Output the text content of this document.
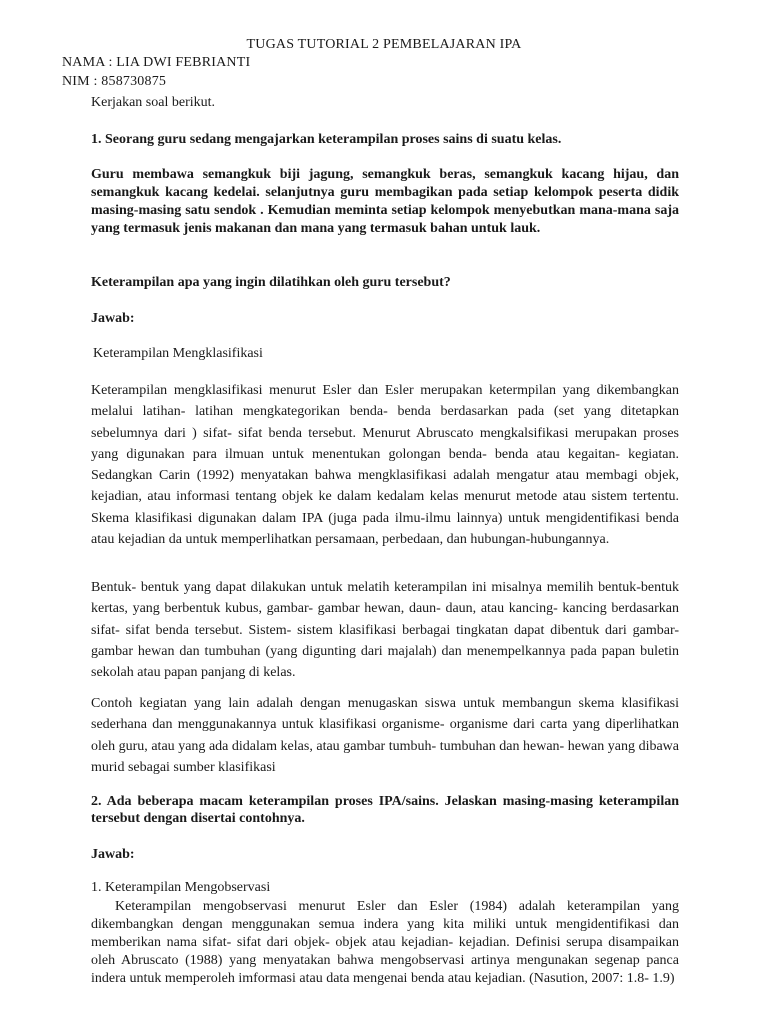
TUGAS TUTORIAL 2 PEMBELAJARAN IPA
NAMA : LIA DWI FEBRIANTI
NIM : 858730875
Kerjakan soal berikut.
1. Seorang guru sedang mengajarkan keterampilan proses sains di suatu kelas.
Guru membawa semangkuk biji jagung, semangkuk beras, semangkuk kacang hijau, dan semangkuk kacang kedelai. selanjutnya guru membagikan pada setiap kelompok peserta didik masing-masing satu sendok . Kemudian meminta setiap kelompok menyebutkan mana-mana saja yang termasuk jenis makanan dan mana yang termasuk bahan untuk lauk.
Keterampilan apa yang ingin dilatihkan oleh guru tersebut?
Jawab:
Keterampilan Mengklasifikasi
Keterampilan mengklasifikasi menurut Esler dan Esler merupakan ketermpilan yang dikembangkan melalui latihan- latihan mengkategorikan benda- benda berdasarkan pada (set yang ditetapkan sebelumnya dari ) sifat- sifat benda tersebut. Menurut Abruscato mengkalsifikasi merupakan proses yang digunakan para ilmuan untuk menentukan golongan benda- benda atau kegaitan- kegiatan. Sedangkan Carin (1992) menyatakan bahwa mengklasifikasi adalah mengatur atau membagi objek, kejadian, atau informasi tentang objek ke dalam kedalam kelas menurut metode atau sistem tertentu. Skema klasifikasi digunakan dalam IPA (juga pada ilmu-ilmu lainnya) untuk mengidentifikasi benda atau kejadian da untuk memperlihatkan persamaan, perbedaan, dan hubungan-hubungannya.
Bentuk- bentuk yang dapat dilakukan untuk melatih keterampilan ini misalnya memilih bentuk-bentuk kertas, yang berbentuk kubus, gambar- gambar hewan, daun- daun, atau kancing- kancing berdasarkan sifat- sifat benda tersebut. Sistem- sistem klasifikasi berbagai tingkatan dapat dibentuk dari gambar- gambar hewan dan tumbuhan (yang digunting dari majalah) dan menempelkannya pada papan buletin sekolah atau papan panjang di kelas.
Contoh kegiatan yang lain adalah dengan menugaskan siswa untuk membangun skema klasifikasi sederhana dan menggunakannya untuk klasifikasi organisme- organisme dari carta yang diperlihatkan oleh guru, atau yang ada didalam kelas, atau gambar tumbuh- tumbuhan dan hewan- hewan yang dibawa murid sebagai sumber klasifikasi
2. Ada beberapa macam keterampilan proses IPA/sains. Jelaskan masing-masing keterampilan tersebut dengan disertai contohnya.
Jawab:
1. Keterampilan Mengobservasi
Keterampilan mengobservasi menurut Esler dan Esler (1984) adalah keterampilan yang dikembangkan dengan menggunakan semua indera yang kita miliki untuk mengidentifikasi dan memberikan nama sifat- sifat dari objek- objek atau kejadian- kejadian. Definisi serupa disampaikan oleh Abruscato (1988) yang menyatakan bahwa mengobservasi artinya mengunakan segenap panca indera untuk memperoleh imformasi atau data mengenai benda atau kejadian. (Nasution, 2007: 1.8- 1.9)
